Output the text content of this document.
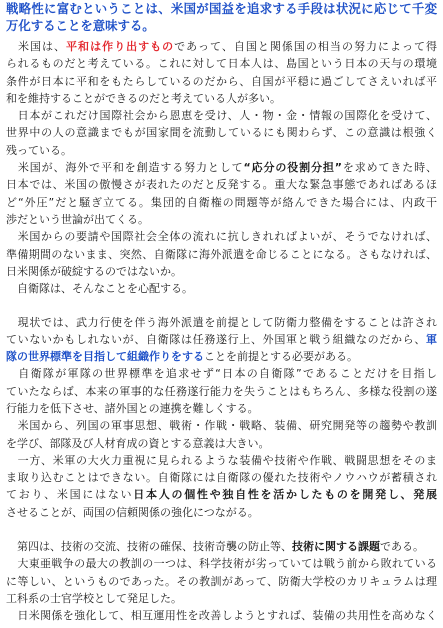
戦略性に富むということは、米国が国益を追求する手段は状況に応じて千変
万化することを意味する。
　米国は、平和は作り出すものであって、自国と関係国の相当の努力によって得
られるものだと考えている。これに対して日本人は、島国という日本の天与の環境
条件が日本に平和をもたらしているのだから、自国が平穏に過ごしてさえいれば平
和を維持することができるのだと考えている人が多い。
　日本がこれだけ国際社会から恩恵を受け、人・物・金・情報の国際化を受けて、
世界中の人の意識までもが国家間を流動しているにも関わらず、この意識は根強く
残っている。
　米国が、海外で平和を創造する努力として“応分の役割分担”を求めてきた時、
日本では、米国の傲慢さが表れたのだと反発する。重大な緊急事態であればあるほ
ど“外圧”だと騒ぎ立てる。集団的自衛権の問題等が絡んできた場合には、内政干
渉だという世論が出てくる。
　米国からの要請や国際社会全体の流れに抗しきれればよいが、そうでなければ、
準備期間のないまま、突然、自衛隊に海外派遣を命じることになる。さもなければ、
日米関係が破綻するのではないか。
　自衛隊は、そんなことを心配する。
　現状では、武力行使を伴う海外派遣を前提として防衛力整備をすることは許され
ていないかもしれないが、自衛隊は任務遂行上、外国軍と戦う組織なのだから、軍
隊の世界標準を目指して組織作りをすることを前提とする必要がある。
　自衛隊が軍隊の世界標準を追求せず“日本の自衛隊”であることだけを目指し
ていたならば、本来の軍事的な任務遂行能力を失うことはもちろん、多様な役割の遂
行能力を低下させ、諸外国との連携を難しくする。
　米国から、列国の軍事思想、戦術・作戦・戦略、装備、研究開発等の趨勢や教訓
を学び、部隊及び人材育成の資とする意義は大きい。
　一方、米軍の大火力重視に見られるような装備や技術や作戦、戦闘思想をそのま
ま取り込むことはできない。自衛隊には自衛隊の優れた技術やノウハウが蓄積され
ており、米国にはない日本人の個性や独自性を活かしたものを開発し、発展
させることが、両国の信頼関係の強化につながる。
　第四は、技術の交流、技術の確保、技術奇襲の防止等、技術に関する課題である。
　大東亜戦争の最大の教訓の一つは、科学技術が劣っていては戦う前から敗れている
に等しい、というものであった。その教訓があって、防衛大学校のカリキュラムは理
工科系の士官学校として発足した。
　日米関係を強化して、相互運用性を改善しようとすれば、装備の共用性を高めなく
